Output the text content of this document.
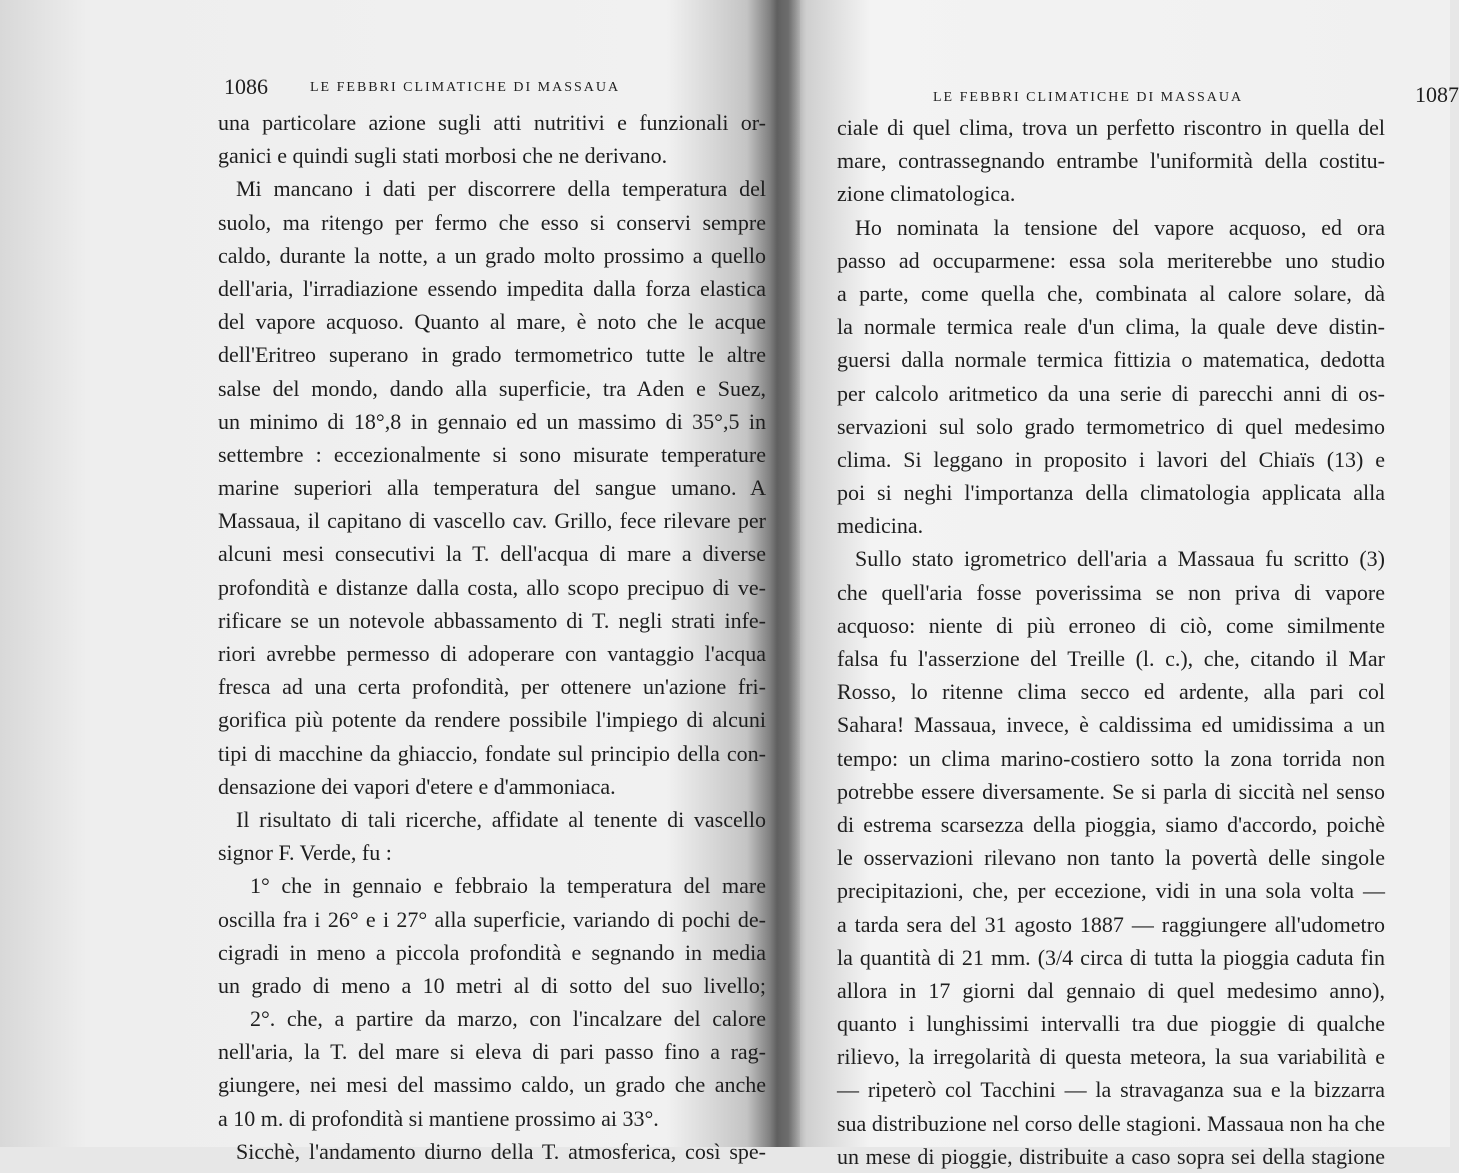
1086	LE FEBBRI CLIMATICHE DI MASSAUA
una particolare azione sugli atti nutritivi e funzionali or-
ganici e quindi sugli stati morbosi che ne derivano.
Mi mancano i dati per discorrere della temperatura del
suolo, ma ritengo per fermo che esso si conservi sempre
caldo, durante la notte, a un grado molto prossimo a quello
dell'aria, l'irradiazione essendo impedita dalla forza elastica
del vapore acquoso. Quanto al mare, è noto che le acque
dell'Eritreo superano in grado termometrico tutte le altre
salse del mondo, dando alla superficie, tra Aden e Suez,
un minimo di 18°,8 in gennaio ed un massimo di 35°,5 in
settembre : eccezionalmente si sono misurate temperature
marine superiori alla temperatura del sangue umano. A
Massaua, il capitano di vascello cav. Grillo, fece rilevare per
alcuni mesi consecutivi la T. dell'acqua di mare a diverse
profondità e distanze dalla costa, allo scopo precipuo di ve-
rificare se un notevole abbassamento di T. negli strati infe-
riori avrebbe permesso di adoperare con vantaggio l'acqua
fresca ad una certa profondità, per ottenere un'azione fri-
gorifica più potente da rendere possibile l'impiego di alcuni
tipi di macchine da ghiaccio, fondate sul principio della con-
densazione dei vapori d'etere e d'ammoniaca.
Il risultato di tali ricerche, affidate al tenente di vascello
signor F. Verde, fu :
1° che in gennaio e febbraio la temperatura del mare
oscilla fra i 26° e i 27° alla superficie, variando di pochi de-
cigradi in meno a piccola profondità e segnando in media
un grado di meno a 10 metri al di sotto del suo livello;
2°. che, a partire da marzo, con l'incalzare del calore
nell'aria, la T. del mare si eleva di pari passo fino a rag-
giungere, nei mesi del massimo caldo, un grado che anche
a 10 m. di profondità si mantiene prossimo ai 33°.
Sicchè, l'andamento diurno della T. atmosferica, così spe-
LE FEBBRI CLIMATICHE DI MASSAUA	1087
ciale di quel clima, trova un perfetto riscontro in quella del
mare, contrassegnando entrambe l'uniformità della costitu-
zione climatologica.
Ho nominata la tensione del vapore acquoso, ed ora
passo ad occuparmene: essa sola meriterebbe uno studio
a parte, come quella che, combinata al calore solare, dà
la normale termica reale d'un clima, la quale deve distin-
guersi dalla normale termica fittizia o matematica, dedotta
per calcolo aritmetico da una serie di parecchi anni di os-
servazioni sul solo grado termometrico di quel medesimo
clima. Si leggano in proposito i lavori del Chiaïs (13) e
poi si neghi l'importanza della climatologia applicata alla
medicina.
Sullo stato igrometrico dell'aria a Massaua fu scritto (3)
che quell'aria fosse poverissima se non priva di vapore
acquoso: niente di più erroneo di ciò, come similmente
falsa fu l'asserzione del Treille (l. c.), che, citando il Mar
Rosso, lo ritenne clima secco ed ardente, alla pari col
Sahara! Massaua, invece, è caldissima ed umidissima a un
tempo: un clima marino-costiero sotto la zona torrida non
potrebbe essere diversamente. Se si parla di siccità nel senso
di estrema scarsezza della pioggia, siamo d'accordo, poichè
le osservazioni rilevano non tanto la povertà delle singole
precipitazioni, che, per eccezione, vidi in una sola volta —
a tarda sera del 31 agosto 1887 — raggiungere all'udometro
la quantità di 21 mm. (3/4 circa di tutta la pioggia caduta fin
allora in 17 giorni dal gennaio di quel medesimo anno),
quanto i lunghissimi intervalli tra due pioggie di qualche
rilievo, la irregolarità di questa meteora, la sua variabilità e
— ripeterò col Tacchini — la stravaganza sua e la bizzarra
sua distribuzione nel corso delle stagioni. Massaua non ha che
un mese di pioggie, distribuite a caso sopra sei della stagione
